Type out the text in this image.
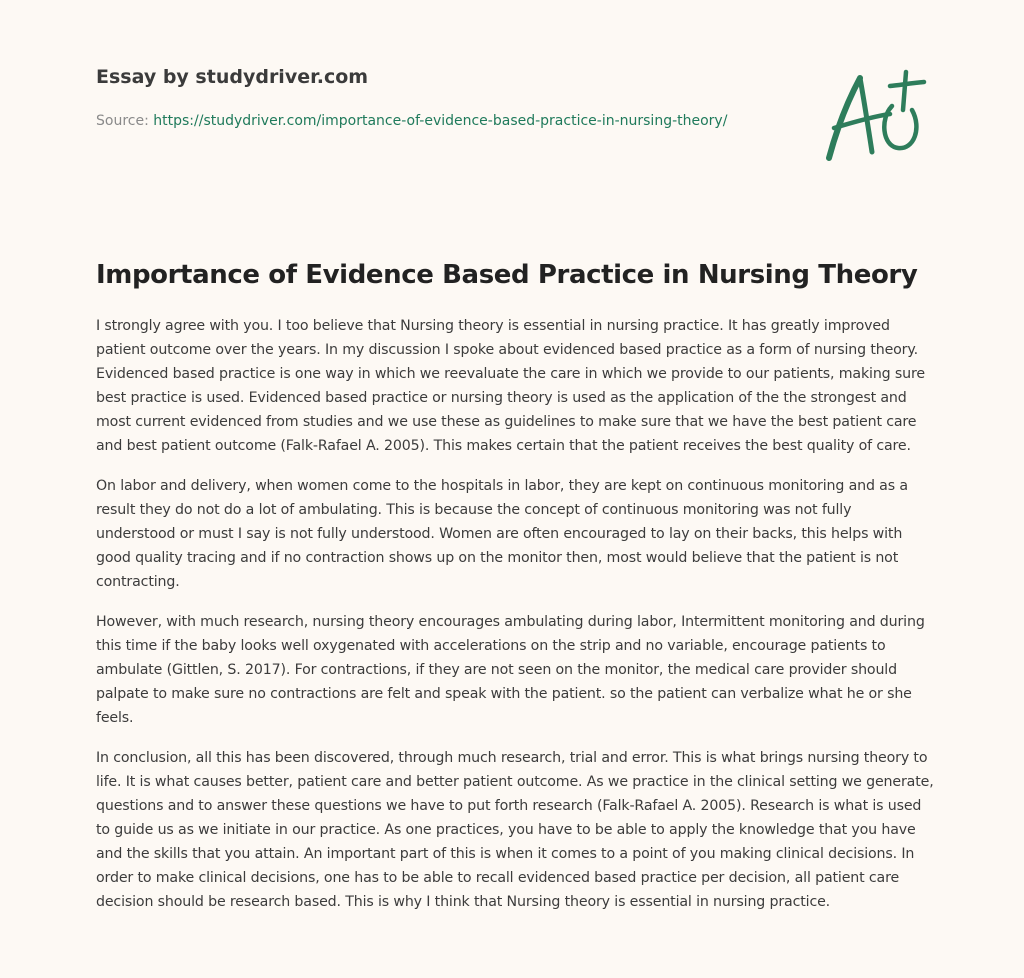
Essay by studydriver.com
Source: https://studydriver.com/importance-of-evidence-based-practice-in-nursing-theory/
Importance of Evidence Based Practice in Nursing Theory

I strongly agree with you. I too believe that Nursing theory is essential in nursing practice. It has greatly improved patient outcome over the years. In my discussion I spoke about evidenced based practice as a form of nursing theory. Evidenced based practice is one way in which we reevaluate the care in which we provide to our patients, making sure best practice is used. Evidenced based practice or nursing theory is used as the application of the the strongest and most current evidenced from studies and we use these as guidelines to make sure that we have the best patient care and best patient outcome (Falk-Rafael A. 2005). This makes certain that the patient receives the best quality of care.

On labor and delivery, when women come to the hospitals in labor, they are kept on continuous monitoring and as a result they do not do a lot of ambulating. This is because the concept of continuous monitoring was not fully understood or must I say is not fully understood. Women are often encouraged to lay on their backs, this helps with good quality tracing and if no contraction shows up on the monitor then, most would believe that the patient is not contracting.

However, with much research, nursing theory encourages ambulating during labor, Intermittent monitoring and during this time if the baby looks well oxygenated with accelerations on the strip and no variable, encourage patients to ambulate (Gittlen, S. 2017). For contractions, if they are not seen on the monitor, the medical care provider should palpate to make sure no contractions are felt and speak with the patient. so the patient can verbalize what he or she feels.

In conclusion, all this has been discovered, through much research, trial and error. This is what brings nursing theory to life. It is what causes better, patient care and better patient outcome. As we practice in the clinical setting we generate, questions and to answer these questions we have to put forth research (Falk-Rafael A. 2005). Research is what is used to guide us as we initiate in our practice. As one practices, you have to be able to apply the knowledge that you have and the skills that you attain. An important part of this is when it comes to a point of you making clinical decisions. In order to make clinical decisions, one has to be able to recall evidenced based practice per decision, all patient care decision should be research based. This is why I think that Nursing theory is essential in nursing practice.
